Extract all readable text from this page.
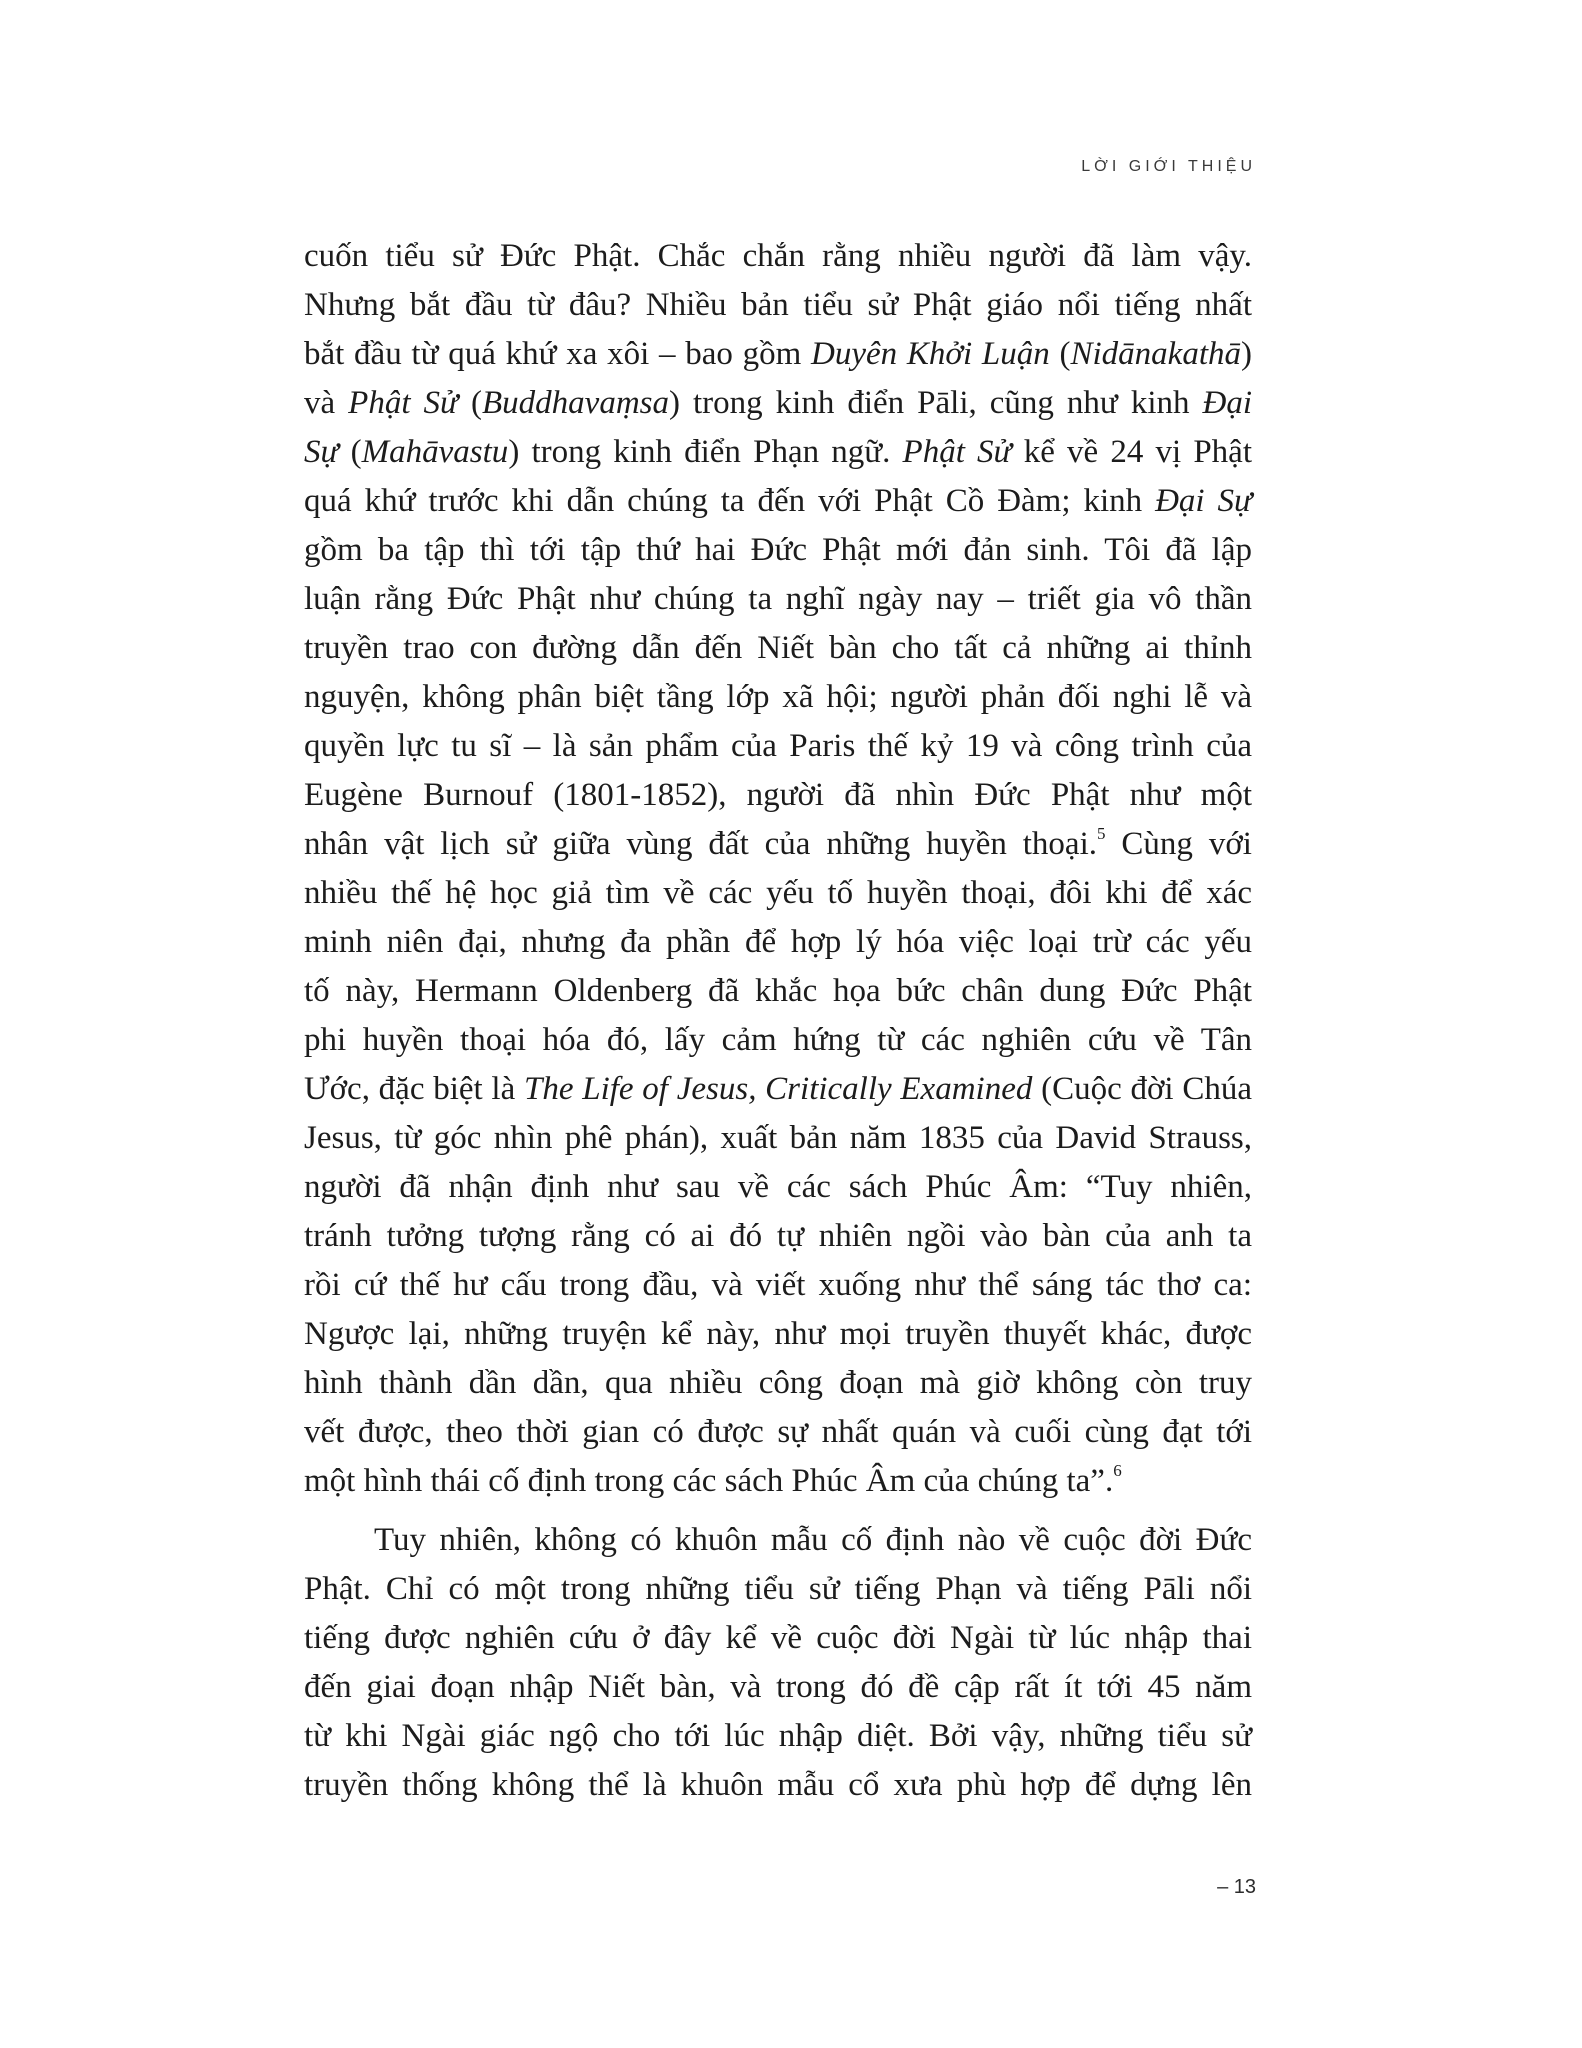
LỜI GIỚI THIỆU
cuốn tiểu sử Đức Phật. Chắc chắn rằng nhiều người đã làm vậy.
Nhưng bắt đầu từ đâu? Nhiều bản tiểu sử Phật giáo nổi tiếng nhất
bắt đầu từ quá khứ xa xôi – bao gồm Duyên Khởi Luận (Nidānakathā)
và Phật Sử (Buddhavaṃsa) trong kinh điển Pāli, cũng như kinh Đại
Sự (Mahāvastu) trong kinh điển Phạn ngữ. Phật Sử kể về 24 vị Phật
quá khứ trước khi dẫn chúng ta đến với Phật Cồ Đàm; kinh Đại Sự
gồm ba tập thì tới tập thứ hai Đức Phật mới đản sinh. Tôi đã lập
luận rằng Đức Phật như chúng ta nghĩ ngày nay – triết gia vô thần
truyền trao con đường dẫn đến Niết bàn cho tất cả những ai thỉnh
nguyện, không phân biệt tầng lớp xã hội; người phản đối nghi lễ và
quyền lực tu sĩ – là sản phẩm của Paris thế kỷ 19 và công trình của
Eugène Burnouf (1801-1852), người đã nhìn Đức Phật như một
nhân vật lịch sử giữa vùng đất của những huyền thoại.$^5$ Cùng với
nhiều thế hệ học giả tìm về các yếu tố huyền thoại, đôi khi để xác
minh niên đại, nhưng đa phần để hợp lý hóa việc loại trừ các yếu
tố này, Hermann Oldenberg đã khắc họa bức chân dung Đức Phật
phi huyền thoại hóa đó, lấy cảm hứng từ các nghiên cứu về Tân
Ước, đặc biệt là The Life of Jesus, Critically Examined (Cuộc đời Chúa
Jesus, từ góc nhìn phê phán), xuất bản năm 1835 của David Strauss,
người đã nhận định như sau về các sách Phúc Âm: “Tuy nhiên,
tránh tưởng tượng rằng có ai đó tự nhiên ngồi vào bàn của anh ta
rồi cứ thế hư cấu trong đầu, và viết xuống như thể sáng tác thơ ca:
Ngược lại, những truyện kể này, như mọi truyền thuyết khác, được
hình thành dần dần, qua nhiều công đoạn mà giờ không còn truy
vết được, theo thời gian có được sự nhất quán và cuối cùng đạt tới
một hình thái cố định trong các sách Phúc Âm của chúng ta”.$^6$
Tuy nhiên, không có khuôn mẫu cố định nào về cuộc đời Đức
Phật. Chỉ có một trong những tiểu sử tiếng Phạn và tiếng Pāli nổi
tiếng được nghiên cứu ở đây kể về cuộc đời Ngài từ lúc nhập thai
đến giai đoạn nhập Niết bàn, và trong đó đề cập rất ít tới 45 năm
từ khi Ngài giác ngộ cho tới lúc nhập diệt. Bởi vậy, những tiểu sử
truyền thống không thể là khuôn mẫu cổ xưa phù hợp để dựng lên
– 13
